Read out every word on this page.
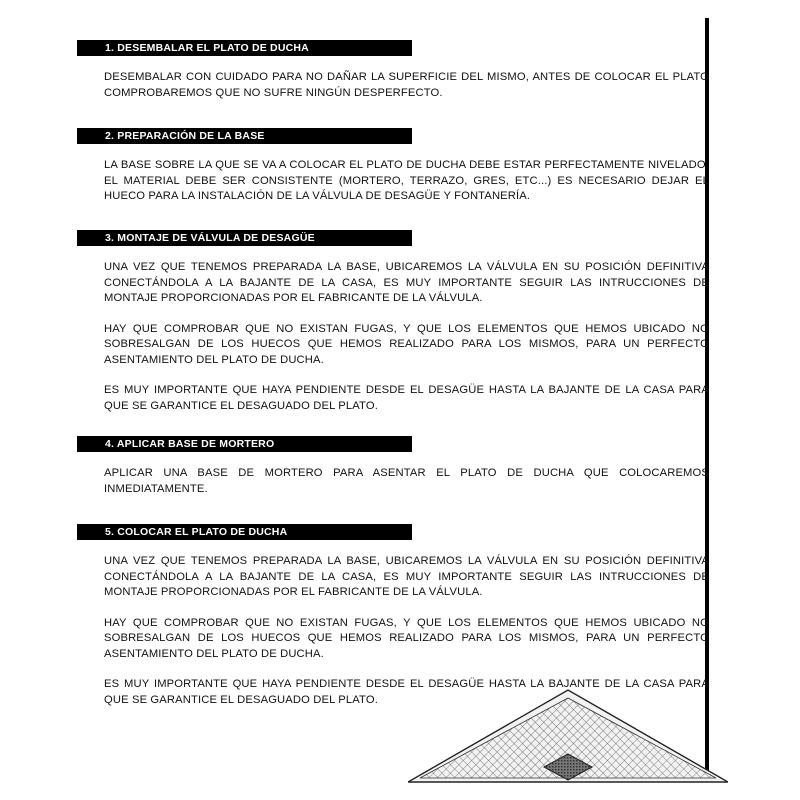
1. DESEMBALAR EL PLATO DE DUCHA

DESEMBALAR CON CUIDADO PARA NO DAÑAR LA SUPERFICIE DEL MISMO, ANTES DE COLOCAR EL PLATO COMPROBAREMOS QUE NO SUFRE NINGÚN DESPERFECTO.

2. PREPARACIÓN DE LA BASE

LA BASE SOBRE LA QUE SE VA A COLOCAR EL PLATO DE DUCHA DEBE ESTAR PERFECTAMENTE NIVELADO. EL MATERIAL DEBE SER CONSISTENTE (MORTERO, TERRAZO, GRES, ETC...) ES NECESARIO DEJAR EL HUECO PARA LA INSTALACIÓN DE LA VÁLVULA DE DESAGÜE Y FONTANERÍA.

3. MONTAJE DE VÁLVULA DE DESAGÜE

UNA VEZ QUE TENEMOS PREPARADA LA BASE, UBICAREMOS LA VÁLVULA EN SU POSICIÓN DEFINITIVA CONECTÁNDOLA A LA BAJANTE DE LA CASA, ES MUY IMPORTANTE SEGUIR LAS INTRUCCIONES DE MONTAJE PROPORCIONADAS POR EL FABRICANTE DE LA VÁLVULA.

HAY QUE COMPROBAR QUE NO EXISTAN FUGAS, Y QUE LOS ELEMENTOS QUE HEMOS UBICADO NO SOBRESALGAN DE LOS HUECOS QUE HEMOS REALIZADO PARA LOS MISMOS, PARA UN PERFECTO ASENTAMIENTO DEL PLATO DE DUCHA.

ES MUY IMPORTANTE QUE HAYA PENDIENTE DESDE EL DESAGÜE HASTA LA BAJANTE DE LA CASA PARA QUE SE GARANTICE EL DESAGUADO DEL PLATO.

4. APLICAR BASE DE MORTERO

APLICAR UNA BASE DE MORTERO PARA ASENTAR EL PLATO DE DUCHA QUE COLOCAREMOS INMEDIATAMENTE.

5. COLOCAR EL PLATO DE DUCHA

UNA VEZ QUE TENEMOS PREPARADA LA BASE, UBICAREMOS LA VÁLVULA EN SU POSICIÓN DEFINITIVA CONECTÁNDOLA A LA BAJANTE DE LA CASA, ES MUY IMPORTANTE SEGUIR LAS INTRUCCIONES DE MONTAJE PROPORCIONADAS POR EL FABRICANTE DE LA VÁLVULA.

HAY QUE COMPROBAR QUE NO EXISTAN FUGAS, Y QUE LOS ELEMENTOS QUE HEMOS UBICADO NO SOBRESALGAN DE LOS HUECOS QUE HEMOS REALIZADO PARA LOS MISMOS, PARA UN PERFECTO ASENTAMIENTO DEL PLATO DE DUCHA.

ES MUY IMPORTANTE QUE HAYA PENDIENTE DESDE EL DESAGÜE HASTA LA BAJANTE DE LA CASA PARA QUE SE GARANTICE EL DESAGUADO DEL PLATO.
